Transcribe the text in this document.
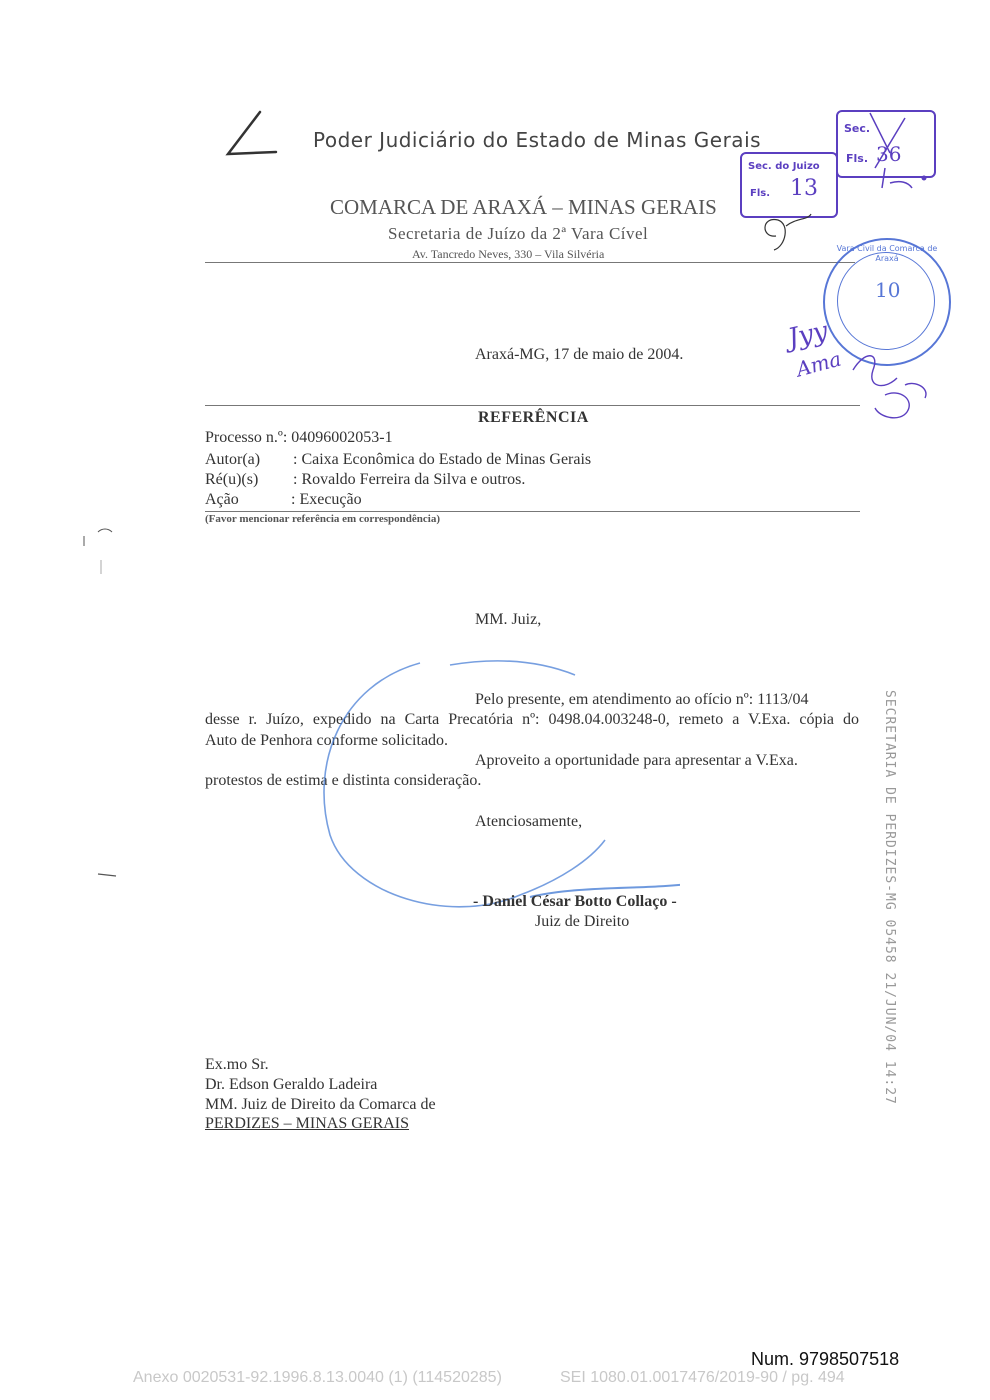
Poder Judiciário do Estado de Minas Gerais
COMARCA DE ARAXÁ – MINAS GERAIS
Secretaria de Juízo da 2ª Vara Cível
Av. Tancredo Neves, 330 – Vila Silvéria
Araxá-MG, 17 de maio de 2004.
REFERÊNCIA
Processo n.º: 04096002053-1
Autor(a) : Caixa Econômica do Estado de Minas Gerais
Ré(u)(s) : Rovaldo Ferreira da Silva e outros.
Ação	: Execução
(Favor mencionar referência em correspondência)
MM. Juiz,
Pelo presente, em atendimento ao ofício nº: 1113/04
desse r. Juízo, expedido na Carta Precatória nº: 0498.04.003248-0, remeto a V.Exa. cópia do
Auto de Penhora conforme solicitado.
Aproveito a oportunidade para apresentar a V.Exa.
protestos de estima e distinta consideração.
Atenciosamente,
- Daniel César Botto Collaço -
Juiz de Direito
Ex.mo Sr.
Dr. Edson Geraldo Ladeira
MM. Juiz de Direito da Comarca de
PERDIZES – MINAS GERAIS
Sec.
Fls. 36
Sec. do Juizo
Fls. 13
Vara Civil da Comarca de Araxá
10
Jyy
Ama
SECRETARIA DE PERDIZES-MG 05458 21/JUN/04 14:27
Num. 9798507518
Anexo 0020531-92.1996.8.13.0040 (1) (114520285)	SEI 1080.01.0017476/2019-90 / pg. 494
